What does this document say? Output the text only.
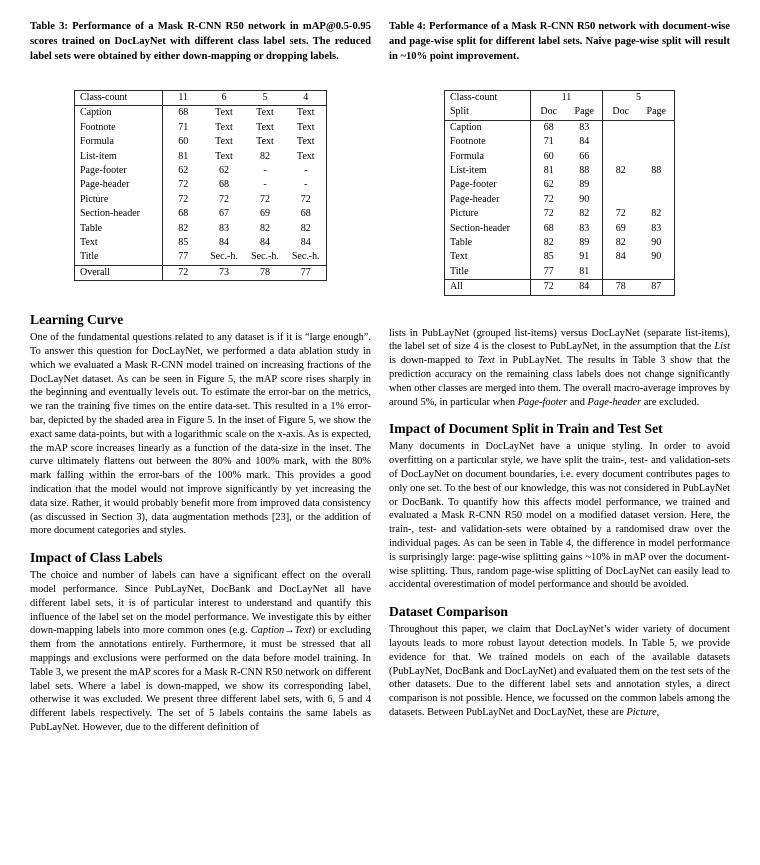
Table 3: Performance of a Mask R-CNN R50 network in mAP@0.5-0.95 scores trained on DocLayNet with different class label sets. The reduced label sets were obtained by either down-mapping or dropping labels.

Class-count	11	6	5	4
Caption	68	Text	Text	Text
Footnote	71	Text	Text	Text
Formula	60	Text	Text	Text
List-item	81	Text	82	Text
Page-footer	62	62	-	-
Page-header	72	68	-	-
Picture	72	72	72	72
Section-header	68	67	69	68
Table	82	83	82	82
Text	85	84	84	84
Title	77	Sec.-h.	Sec.-h.	Sec.-h.
Overall	72	73	78	77
Learning Curve

One of the fundamental questions related to any dataset is if it is “large enough”. To answer this question for DocLayNet, we performed a data ablation study in which we evaluated a Mask R-CNN model trained on increasing fractions of the DocLayNet dataset. As can be seen in Figure 5, the mAP score rises sharply in the beginning and eventually levels out. To estimate the error-bar on the metrics, we ran the training five times on the entire data-set. This resulted in a 1% error-bar, depicted by the shaded area in Figure 5. In the inset of Figure 5, we show the exact same data-points, but with a logarithmic scale on the x-axis. As is expected, the mAP score increases linearly as a function of the data-size in the inset. The curve ultimately flattens out between the 80% and 100% mark, with the 80% mark falling within the error-bars of the 100% mark. This provides a good indication that the model would not improve significantly by yet increasing the data size. Rather, it would probably benefit more from improved data consistency (as discussed in Section 3), data augmentation methods [23], or the addition of more document categories and styles.

Impact of Class Labels

The choice and number of labels can have a significant effect on the overall model performance. Since PubLayNet, DocBank and DocLayNet all have different label sets, it is of particular interest to understand and quantify this influence of the label set on the model performance. We investigate this by either down-mapping labels into more common ones (e.g. Caption→Text) or excluding them from the annotations entirely. Furthermore, it must be stressed that all mappings and exclusions were performed on the data before model training. In Table 3, we present the mAP scores for a Mask R-CNN R50 network on different label sets. Where a label is down-mapped, we show its corresponding label, otherwise it was excluded. We present three different label sets, with 6, 5 and 4 different labels respectively. The set of 5 labels contains the same labels as PubLayNet. However, due to the different definition of

Table 4: Performance of a Mask R-CNN R50 network with document-wise and page-wise split for different label sets. Naive page-wise split will result in ~10% point improvement.

Class-count	11		5	
Split	Doc	Page	Doc	Page
Caption	68	83		
Footnote	71	84		
Formula	60	66		
List-item	81	88	82	88
Page-footer	62	89		
Page-header	72	90		
Picture	72	82	72	82
Section-header	68	83	69	83
Table	82	89	82	90
Text	85	91	84	90
Title	77	81		
All	72	84	78	87

lists in PubLayNet (grouped list-items) versus DocLayNet (separate list-items), the label set of size 4 is the closest to PubLayNet, in the assumption that the List is down-mapped to Text in PubLayNet. The results in Table 3 show that the prediction accuracy on the remaining class labels does not change significantly when other classes are merged into them. The overall macro-average improves by around 5%, in particular when Page-footer and Page-header are excluded.

Impact of Document Split in Train and Test Set

Many documents in DocLayNet have a unique styling. In order to avoid overfitting on a particular style, we have split the train-, test- and validation-sets of DocLayNet on document boundaries, i.e. every document contributes pages to only one set. To the best of our knowledge, this was not considered in PubLayNet or DocBank. To quantify how this affects model performance, we trained and evaluated a Mask R-CNN R50 model on a modified dataset version. Here, the train-, test- and validation-sets were obtained by a randomised draw over the individual pages. As can be seen in Table 4, the difference in model performance is surprisingly large: page-wise splitting gains ~10% in mAP over the document-wise splitting. Thus, random page-wise splitting of DocLayNet can easily lead to accidental overestimation of model performance and should be avoided.

Dataset Comparison

Throughout this paper, we claim that DocLayNet’s wider variety of document layouts leads to more robust layout detection models. In Table 5, we provide evidence for that. We trained models on each of the available datasets (PubLayNet, DocBank and DocLayNet) and evaluated them on the test sets of the other datasets. Due to the different label sets and annotation styles, a direct comparison is not possible. Hence, we focussed on the common labels among the datasets. Between PubLayNet and DocLayNet, these are Picture,
